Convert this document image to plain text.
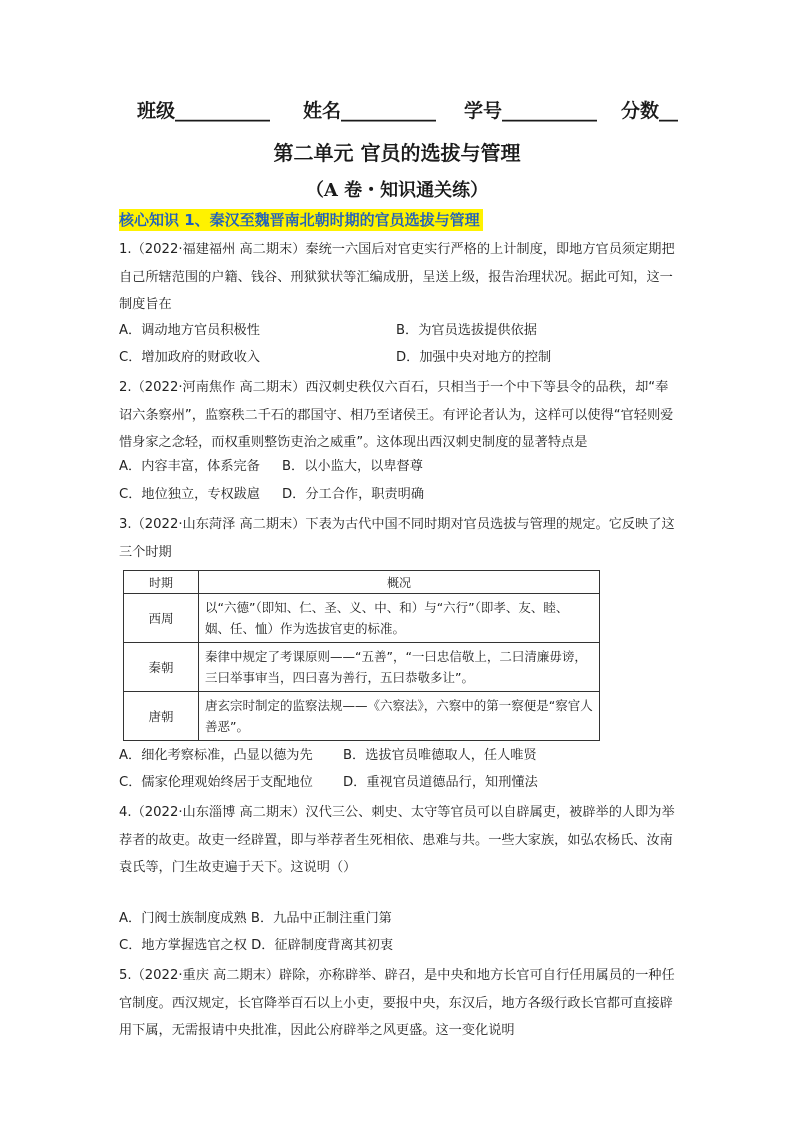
班级__________ 姓名__________ 学号__________ 分数__
第二单元 官员的选拔与管理
（A 卷・知识通关练）
核心知识 1、秦汉至魏晋南北朝时期的官员选拔与管理
1.（2022·福建福州 高二期末）秦统一六国后对官吏实行严格的上计制度，即地方官员须定期把自己所辖范围的户籍、钱谷、刑狱狱状等汇编成册，呈送上级，报告治理状况。据此可知，这一制度旨在
A．调动地方官员积极性	B．为官员选拔提供依据
C．增加政府的财政收入	D．加强中央对地方的控制
2.（2022·河南焦作 高二期末）西汉刺史秩仅六百石，只相当于一个中下等县令的品秩，却“奉诏六条察州”，监察秩二千石的郡国守、相乃至诸侯王。有评论者认为，这样可以使得“官轻则爱惜身家之念轻，而权重则整饬吏治之威重”。这体现出西汉刺史制度的显著特点是
A．内容丰富，体系完备 B．以小监大，以卑督尊
C．地位独立，专权跋扈 D．分工合作，职责明确
3.（2022·山东菏泽 高二期末）下表为古代中国不同时期对官员选拔与管理的规定。它反映了这三个时期
时期	概况
西周	以“六德”（即知、仁、圣、义、中、和）与“六行”（即孝、友、睦、姻、任、恤）作为选拔官吏的标准。
秦朝	秦律中规定了考课原则——“五善”，“一曰忠信敬上，二曰清廉毋谤，三曰举事审当，四曰喜为善行，五曰恭敬多让”。
唐朝	唐玄宗时制定的监察法规——《六察法》，六察中的第一察便是“察官人善恶”。
A．细化考察标准，凸显以德为先 B．选拔官员唯德取人，任人唯贤
C．儒家伦理观始终居于支配地位 D．重视官员道德品行，知刑懂法
4.（2022·山东淄博 高二期末）汉代三公、刺史、太守等官员可以自辟属吏，被辟举的人即为举荐者的故吏。故吏一经辟置，即与举荐者生死相依、患难与共。一些大家族，如弘农杨氏、汝南袁氏等，门生故吏遍于天下。这说明（）
A．门阀士族制度成熟 B．九品中正制注重门第
C．地方掌握选官之权 D．征辟制度背离其初衷
5.（2022·重庆 高二期末）辟除，亦称辟举、辟召，是中央和地方长官可自行任用属员的一种任官制度。西汉规定，长官降举百石以上小吏，要报中央，东汉后，地方各级行政长官都可直接辟用下属，无需报请中央批准，因此公府辟举之风更盛。这一变化说明
